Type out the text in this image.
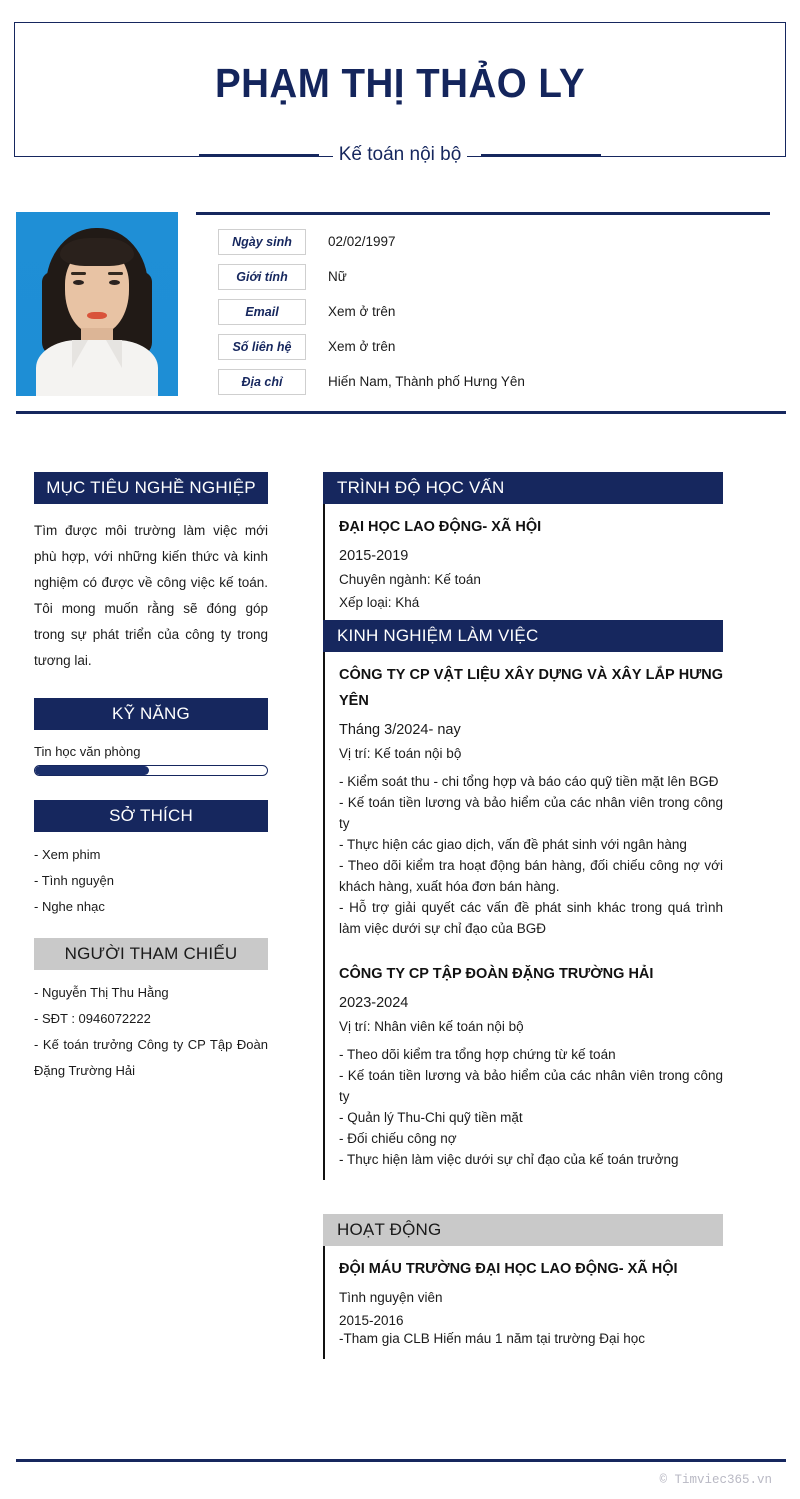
PHẠM THỊ THẢO LY
Kế toán nội bộ
Ngày sinh	02/02/1997
Giới tính	Nữ
Email	Xem ở trên
Số liên hệ	Xem ở trên
Địa chỉ	Hiến Nam, Thành phố Hưng Yên
MỤC TIÊU NGHỀ NGHIỆP
Tìm được môi trường làm việc mới phù hợp, với những kiến thức và kinh nghiệm có được về công việc kế toán. Tôi mong muốn rằng sẽ đóng góp trong sự phát triển của công ty trong tương lai.
KỸ NĂNG
Tin học văn phòng
SỞ THÍCH
- Xem phim
- Tình nguyện
- Nghe nhạc
NGƯỜI THAM CHIẾU
- Nguyễn Thị Thu Hằng
- SĐT : 0946072222
- Kế toán trưởng Công ty CP Tập Đoàn Đặng Trường Hải
TRÌNH ĐỘ HỌC VẤN
ĐẠI HỌC LAO ĐỘNG- XÃ HỘI
2015-2019
Chuyên ngành: Kế toán
Xếp loại: Khá
KINH NGHIỆM LÀM VIỆC
CÔNG TY CP VẬT LIỆU XÂY DỰNG VÀ XÂY LẮP HƯNG YÊN
Tháng 3/2024- nay
Vị trí: Kế toán nội bộ
- Kiểm soát thu - chi tổng hợp và báo cáo quỹ tiền mặt lên BGĐ
- Kế toán tiền lương và bảo hiểm của các nhân viên trong công ty
- Thực hiện các giao dịch, vấn đề phát sinh với ngân hàng
- Theo dõi kiểm tra hoạt động bán hàng, đối chiếu công nợ với khách hàng, xuất hóa đơn bán hàng.
- Hỗ trợ giải quyết các vấn đề phát sinh khác trong quá trình làm việc dưới sự chỉ đạo của BGĐ
CÔNG TY CP TẬP ĐOÀN ĐẶNG TRƯỜNG HẢI
2023-2024
Vị trí: Nhân viên kế toán nội bộ
- Theo dõi kiểm tra tổng hợp chứng từ kế toán
- Kế toán tiền lương và bảo hiểm của các nhân viên trong công ty
- Quản lý Thu-Chi quỹ tiền mặt
- Đối chiếu công nợ
- Thực hiện làm việc dưới sự chỉ đạo của kế toán trưởng
HOẠT ĐỘNG
ĐỘI MÁU TRƯỜNG ĐẠI HỌC LAO ĐỘNG- XÃ HỘI
Tình nguyện viên
2015-2016
-Tham gia CLB Hiến máu 1 năm tại trường Đại học
© Timviec365.vn
